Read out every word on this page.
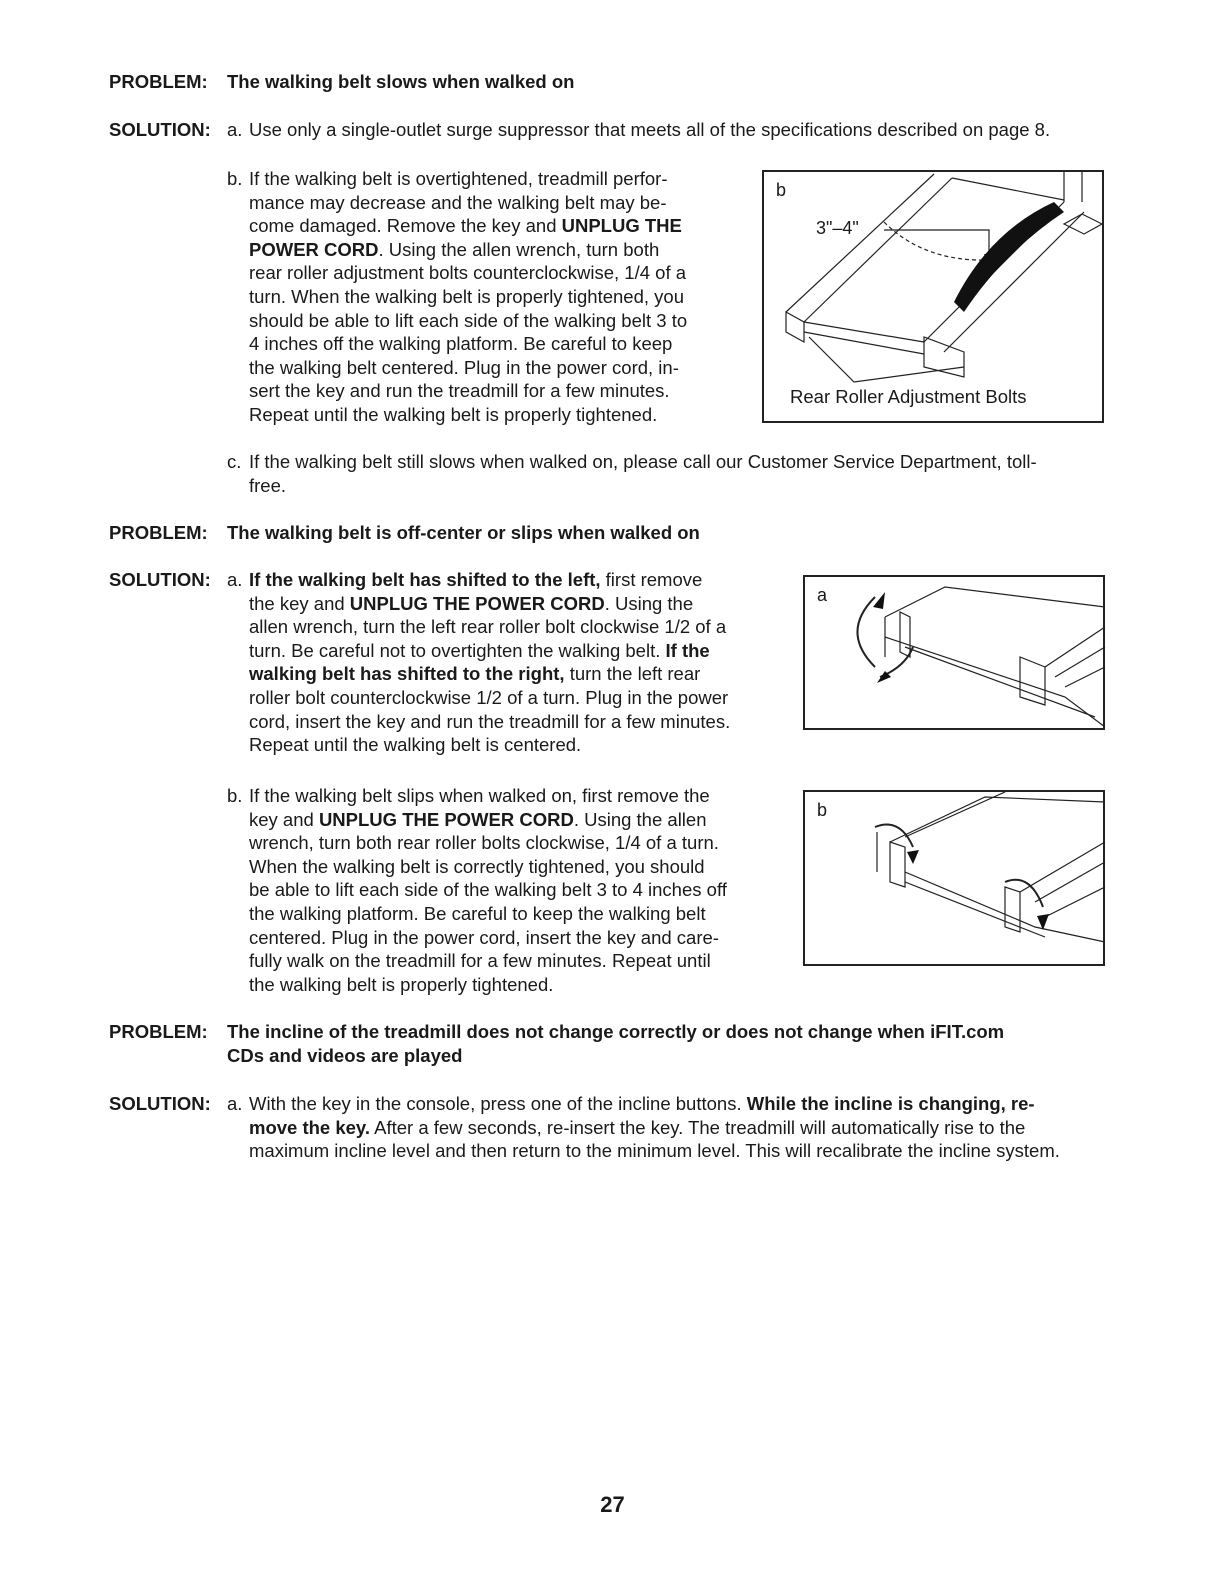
PROBLEM: The walking belt slows when walked on
SOLUTION: a. Use only a single-outlet surge suppressor that meets all of the specifications described on page 8.
b. If the walking belt is overtightened, treadmill perfor-
mance may decrease and the walking belt may be-
come damaged. Remove the key and UNPLUG THE
POWER CORD. Using the allen wrench, turn both
rear roller adjustment bolts counterclockwise, 1/4 of a
turn. When the walking belt is properly tightened, you
should be able to lift each side of the walking belt 3 to
4 inches off the walking platform. Be careful to keep
the walking belt centered. Plug in the power cord, in-
sert the key and run the treadmill for a few minutes.
Repeat until the walking belt is properly tightened.
b
3"–4"
Rear Roller Adjustment Bolts
c. If the walking belt still slows when walked on, please call our Customer Service Department, toll-
free.
PROBLEM: The walking belt is off-center or slips when walked on
SOLUTION: a. If the walking belt has shifted to the left, first remove
the key and UNPLUG THE POWER CORD. Using the
allen wrench, turn the left rear roller bolt clockwise 1/2 of a
turn. Be careful not to overtighten the walking belt. If the
walking belt has shifted to the right, turn the left rear
roller bolt counterclockwise 1/2 of a turn. Plug in the power
cord, insert the key and run the treadmill for a few minutes.
Repeat until the walking belt is centered.
a
b. If the walking belt slips when walked on, first remove the
key and UNPLUG THE POWER CORD. Using the allen
wrench, turn both rear roller bolts clockwise, 1/4 of a turn.
When the walking belt is correctly tightened, you should
be able to lift each side of the walking belt 3 to 4 inches off
the walking platform. Be careful to keep the walking belt
centered. Plug in the power cord, insert the key and care-
fully walk on the treadmill for a few minutes. Repeat until
the walking belt is properly tightened.
b
PROBLEM: The incline of the treadmill does not change correctly or does not change when iFIT.com
CDs and videos are played
SOLUTION: a. With the key in the console, press one of the incline buttons. While the incline is changing, re-
move the key. After a few seconds, re-insert the key. The treadmill will automatically rise to the
maximum incline level and then return to the minimum level. This will recalibrate the incline system.
27
